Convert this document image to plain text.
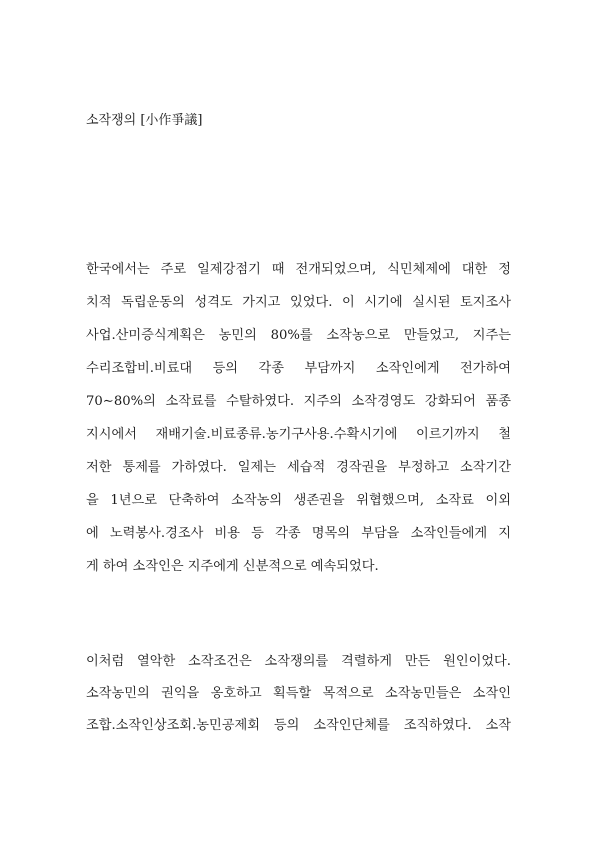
소작쟁의 [小作爭議]
한국에서는 주로 일제강점기 때 전개되었으며, 식민체제에 대한 정
치적 독립운동의 성격도 가지고 있었다. 이 시기에 실시된 토지조사
사업.산미증식계획은 농민의 80%를 소작농으로 만들었고, 지주는
수리조합비.비료대 등의 각종 부담까지 소작인에게 전가하여
70∼80%의 소작료를 수탈하였다. 지주의 소작경영도 강화되어 품종
지시에서 재배기술.비료종류.농기구사용.수확시기에 이르기까지 철
저한 통제를 가하였다. 일제는 세습적 경작권을 부정하고 소작기간
을 1년으로 단축하여 소작농의 생존권을 위협했으며, 소작료 이외
에 노력봉사.경조사 비용 등 각종 명목의 부담을 소작인들에게 지
게 하여 소작인은 지주에게 신분적으로 예속되었다.
이처럼 열악한 소작조건은 소작쟁의를 격렬하게 만든 원인이었다.
소작농민의 권익을 옹호하고 획득할 목적으로 소작농민들은 소작인
조합.소작인상조회.농민공제회 등의 소작인단체를 조직하였다. 소작
